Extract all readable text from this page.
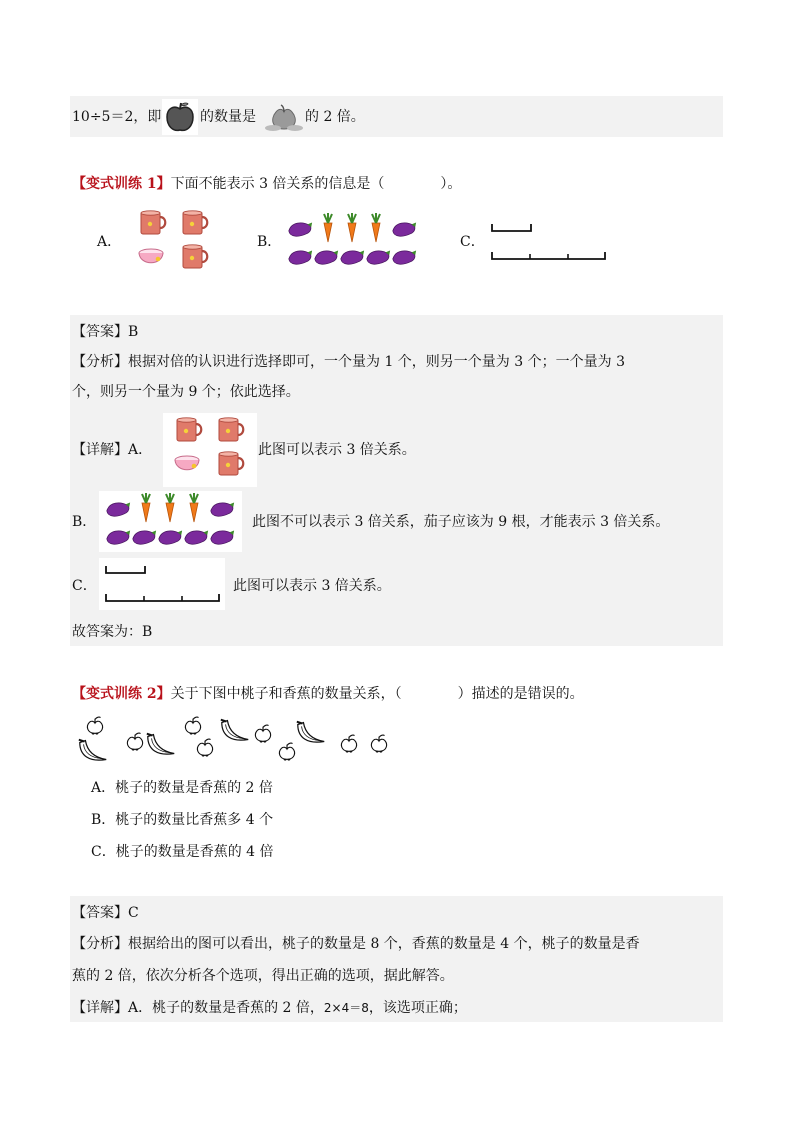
10÷5＝2，即	的数量是	的 2 倍。
【变式训练 1】下面不能表示 3 倍关系的信息是（　　　　）。
A．	B．	C．
【答案】B
【分析】根据对倍的认识进行选择即可，一个量为 1 个，则另一个量为 3 个；一个量为 3
个，则另一个量为 9 个；依此选择。
【详解】A．	此图可以表示 3 倍关系。
B．	此图不可以表示 3 倍关系，茄子应该为 9 根，才能表示 3 倍关系。
C．	此图可以表示 3 倍关系。
故答案为：B
【变式训练 2】关于下图中桃子和香蕉的数量关系，（　　　　）描述的是错误的。
A．桃子的数量是香蕉的 2 倍
B．桃子的数量比香蕉多 4 个
C．桃子的数量是香蕉的 4 倍
【答案】C
【分析】根据给出的图可以看出，桃子的数量是 8 个，香蕉的数量是 4 个，桃子的数量是香
蕉的 2 倍，依次分析各个选项，得出正确的选项，据此解答。
【详解】A．桃子的数量是香蕉的 2 倍，2×4＝8，该选项正确；
